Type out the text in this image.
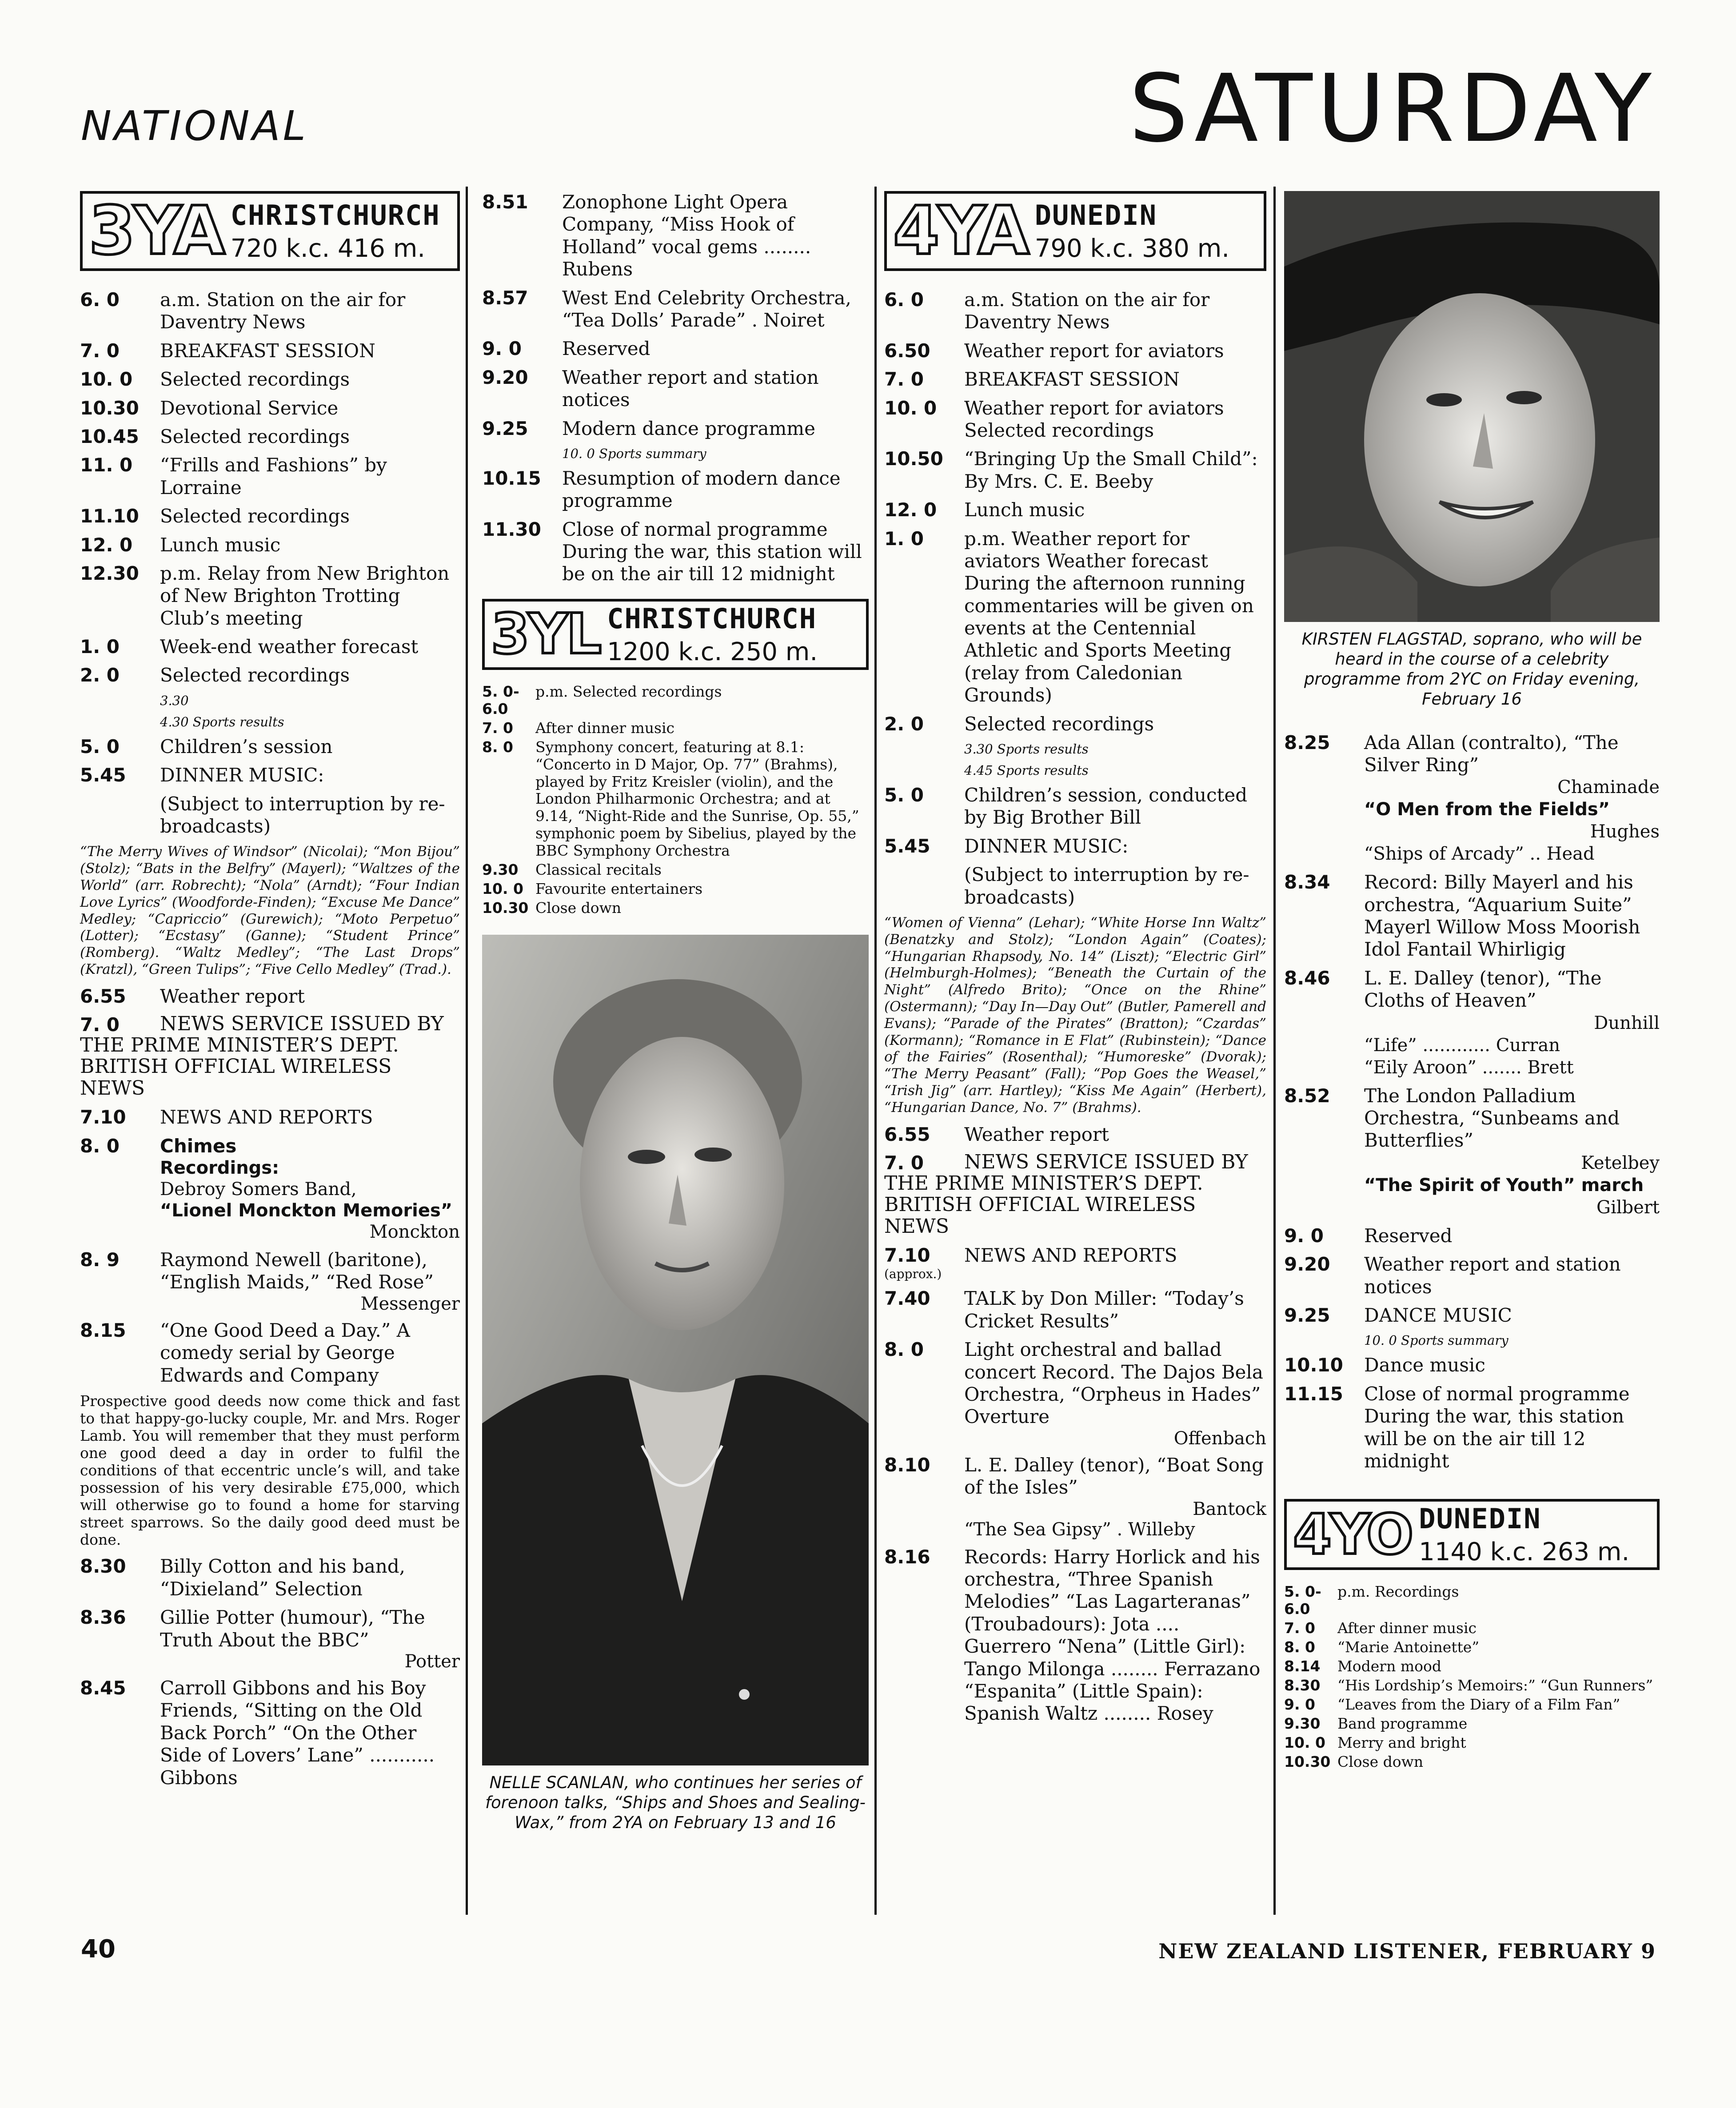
NATIONAL	SATURDAY
3YA CHRISTCHURCH
720 k.c. 416 m.
6. 0	a.m. Station on the air for Daventry News
7. 0	BREAKFAST SESSION
10. 0	Selected recordings
10.30	Devotional Service
10.45	Selected recordings
11. 0	“Frills and Fashions” by Lorraine
11.10	Selected recordings
12. 0	Lunch music
12.30	p.m. Relay from New Brighton of New Brighton Trotting Club’s meeting
1. 0	Week-end weather forecast
2. 0	Selected recordings
3.30
4.30 Sports results
5. 0	Children’s session
5.45	DINNER MUSIC:
(Subject to interruption by re-broadcasts)
“The Merry Wives of Windsor” (Nicolai); “Mon Bijou” (Stolz); “Bats in the Belfry” (Mayerl); “Waltzes of the World” (arr. Robrecht); “Nola” (Arndt); “Four Indian Love Lyrics” (Woodforde-Finden); “Excuse Me Dance” Medley; “Capriccio” (Gurewich); “Moto Perpetuo” (Lotter); “Ecstasy” (Ganne); “Student Prince” (Romberg). “Waltz Medley”; “The Last Drops” (Kratzl), “Green Tulips”; “Five Cello Medley” (Trad.).
6.55	Weather report
7. 0	NEWS SERVICE ISSUED BY THE PRIME MINISTER’S DEPT. BRITISH OFFICIAL WIRELESS NEWS
7.10	NEWS AND REPORTS
8. 0	Chimes
Recordings:
Debroy Somers Band,
“Lionel Monckton Memories”
Monckton
8. 9	Raymond Newell (baritone), “English Maids,” “Red Rose”
Messenger
8.15	“One Good Deed a Day.” A comedy serial by George Edwards and Company
Prospective good deeds now come thick and fast to that happy-go-lucky couple, Mr. and Mrs. Roger Lamb. You will remember that they must perform one good deed a day in order to fulfil the conditions of that eccentric uncle’s will, and take possession of his very desirable £75,000, which will otherwise go to found a home for starving street sparrows. So the daily good deed must be done.
8.30	Billy Cotton and his band, “Dixieland” Selection
8.36	Gillie Potter (humour), “The Truth About the BBC”
Potter
8.45	Carroll Gibbons and his Boy Friends, “Sitting on the Old Back Porch” “On the Other Side of Lovers’ Lane” ........... Gibbons
8.51	Zonophone Light Opera Company, “Miss Hook of Holland” vocal gems ........ Rubens
8.57	West End Celebrity Orchestra, “Tea Dolls’ Parade” . Noiret
9. 0	Reserved
9.20	Weather report and station notices
9.25	Modern dance programme
10. 0 Sports summary
10.15	Resumption of modern dance programme
11.30	Close of normal programme During the war, this station will be on the air till 12 midnight
3YL CHRISTCHURCH
1200 k.c. 250 m.
5. 0-6.0
p.m. Selected recordings
7. 0	After dinner music
8. 0	Symphony concert, featuring at 8.1: “Concerto in D Major, Op. 77” (Brahms), played by Fritz Kreisler (violin), and the London Philharmonic Orchestra; and at 9.14, “Night-Ride and the Sunrise, Op. 55,” symphonic poem by Sibelius, played by the BBC Symphony Orchestra
9.30	Classical recitals
10. 0 Favourite entertainers
10.30 Close down
NELLE SCANLAN, who continues her series of forenoon talks, “Ships and Shoes and Sealing-Wax,” from 2YA on February 13 and 16
4YA DUNEDIN
790 k.c. 380 m.
6. 0	a.m. Station on the air for Daventry News
6.50	Weather report for aviators
7. 0	BREAKFAST SESSION
10. 0	Weather report for aviators Selected recordings
10.50	“Bringing Up the Small Child”: By Mrs. C. E. Beeby
12. 0	Lunch music
1. 0	p.m. Weather report for aviators Weather forecast During the afternoon running commentaries will be given on events at the Centennial Athletic and Sports Meeting (relay from Caledonian Grounds)
2. 0	Selected recordings
3.30 Sports results
4.45 Sports results
5. 0	Children’s session, conducted by Big Brother Bill
5.45	DINNER MUSIC:
(Subject to interruption by re-broadcasts)
“Women of Vienna” (Lehar); “White Horse Inn Waltz” (Benatzky and Stolz); “London Again” (Coates); “Hungarian Rhapsody, No. 14” (Liszt); “Electric Girl” (Helmburgh-Holmes); “Beneath the Curtain of the Night” (Alfredo Brito); “Once on the Rhine” (Ostermann); “Day In—Day Out” (Butler, Pamerell and Evans); “Parade of the Pirates” (Bratton); “Czardas” (Kormann); “Romance in E Flat” (Rubinstein); “Dance of the Fairies” (Rosenthal); “Humoreske” (Dvorak); “The Merry Peasant” (Fall); “Pop Goes the Weasel,” “Irish Jig” (arr. Hartley); “Kiss Me Again” (Herbert), “Hungarian Dance, No. 7” (Brahms).
6.55	Weather report
7. 0	NEWS SERVICE ISSUED BY THE PRIME MINISTER’S DEPT. BRITISH OFFICIAL WIRELESS NEWS
7.10	NEWS AND REPORTS
(approx.)
7.40	TALK by Don Miller: “Today’s Cricket Results”
8. 0	Light orchestral and ballad concert Record. The Dajos Bela Orchestra, “Orpheus in Hades” Overture
Offenbach
8.10	L. E. Dalley (tenor), “Boat Song of the Isles”
Bantock
“The Sea Gipsy” . Willeby
8.16	Records: Harry Horlick and his orchestra, “Three Spanish Melodies” “Las Lagarteranas” (Troubadours): Jota .... Guerrero “Nena” (Little Girl): Tango Milonga ........ Ferrazano “Espanita” (Little Spain): Spanish Waltz ........ Rosey
KIRSTEN FLAGSTAD, soprano, who will be heard in the course of a celebrity programme from 2YC on Friday evening, February 16
8.25	Ada Allan (contralto), “The Silver Ring”
Chaminade
“O Men from the Fields”
Hughes
“Ships of Arcady” .. Head
8.34	Record: Billy Mayerl and his orchestra, “Aquarium Suite” Mayerl Willow Moss Moorish Idol Fantail Whirligig
8.46	L. E. Dalley (tenor), “The Cloths of Heaven”
Dunhill
“Life” ............ Curran
“Eily Aroon” ....... Brett
8.52	The London Palladium Orchestra, “Sunbeams and Butterflies”
Ketelbey
“The Spirit of Youth” march
Gilbert
9. 0	Reserved
9.20	Weather report and station notices
9.25	DANCE MUSIC
10. 0 Sports summary
10.10	Dance music
11.15	Close of normal programme During the war, this station will be on the air till 12 midnight
4YO DUNEDIN
1140 k.c. 263 m.
5. 0-6.0
p.m. Recordings
7. 0	After dinner music
8. 0	“Marie Antoinette”
8.14	Modern mood
8.30	“His Lordship’s Memoirs:” “Gun Runners”
9. 0	“Leaves from the Diary of a Film Fan”
9.30	Band programme
10. 0 Merry and bright
10.30 Close down
40	NEW ZEALAND LISTENER, FEBRUARY 9
